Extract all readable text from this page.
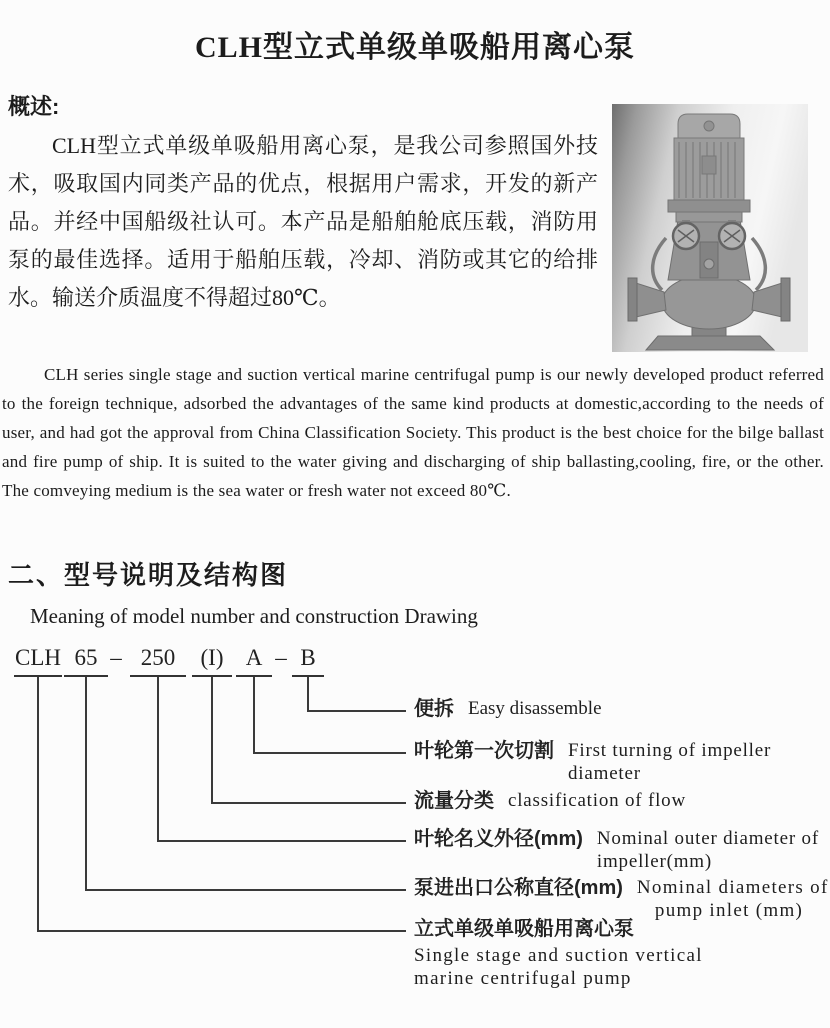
CLH型立式单级单吸船用离心泵
概述:

CLH型立式单级单吸船用离心泵，是我公司参照国外技术，吸取国内同类产品的优点，根据用户需求，开发的新产品。并经中国船级社认可。本产品是船舶舱底压载，消防用泵的最佳选择。适用于船舶压载，冷却、消防或其它的给排水。输送介质温度不得超过80℃。

CLH series single stage and suction vertical marine centrifugal pump is our newly developed product referred to the foreign technique, adsorbed the advantages of the same kind products at domestic,according to the needs of user, and had got the approval from China Classification Society. This product is the best choice for the bilge ballast and fire pump of ship. It is suited to the water giving and discharging of ship ballasting,cooling, fire, or the other. The comveying medium is the sea water or fresh water not exceed 80℃.

二、型号说明及结构图
Meaning of model number and construction Drawing
CLH 65 – 250	(I) A – B
便拆 Easy disassemble
叶轮第一次切割 First turning of impeller
diameter
流量分类 classification of flow
叶轮名义外径(mm) Nominal outer diameter of
impeller(mm)
泵进出口公称直径(mm) Nominal diameters of
pump inlet (mm)
立式单级单吸船用离心泵
Single stage and suction vertical
marine centrifugal pump
